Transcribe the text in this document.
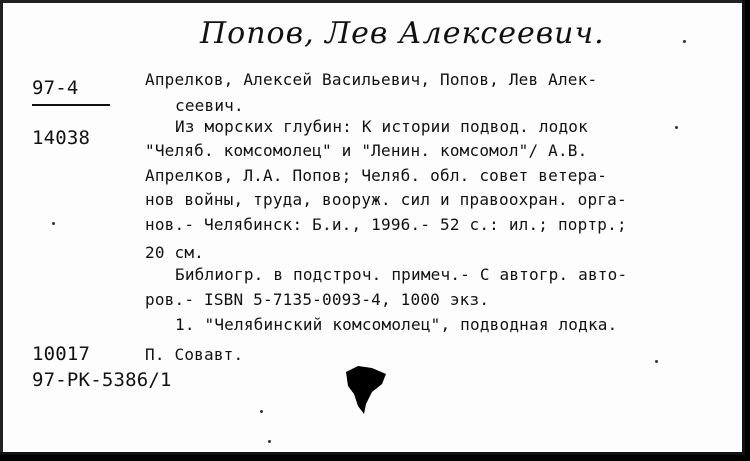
Попов, Лев Алексеевич.
97-4
14038
Апрелков, Алексей Васильевич, Попов, Лев Алек-
сеевич.
Из морских глубин: К истории подвод. лодок
"Челяб. комсомолец" и "Ленин. комсомол"/ А.В.
Апрелков, Л.А. Попов; Челяб. обл. совет ветера-
нов войны, труда, вооруж. сил и правоохран. орга-
нов.- Челябинск: Б.и., 1996.- 52 с.: ил.; портр.;
20 см.
Библиогр. в подстроч. примеч.- С автогр. авто-
ров.- ISBN 5-7135-0093-4, 1000 экз.
1. "Челябинский комсомолец", подводная лодка.
10017	П. Совавт.
97-РК-5386/1
